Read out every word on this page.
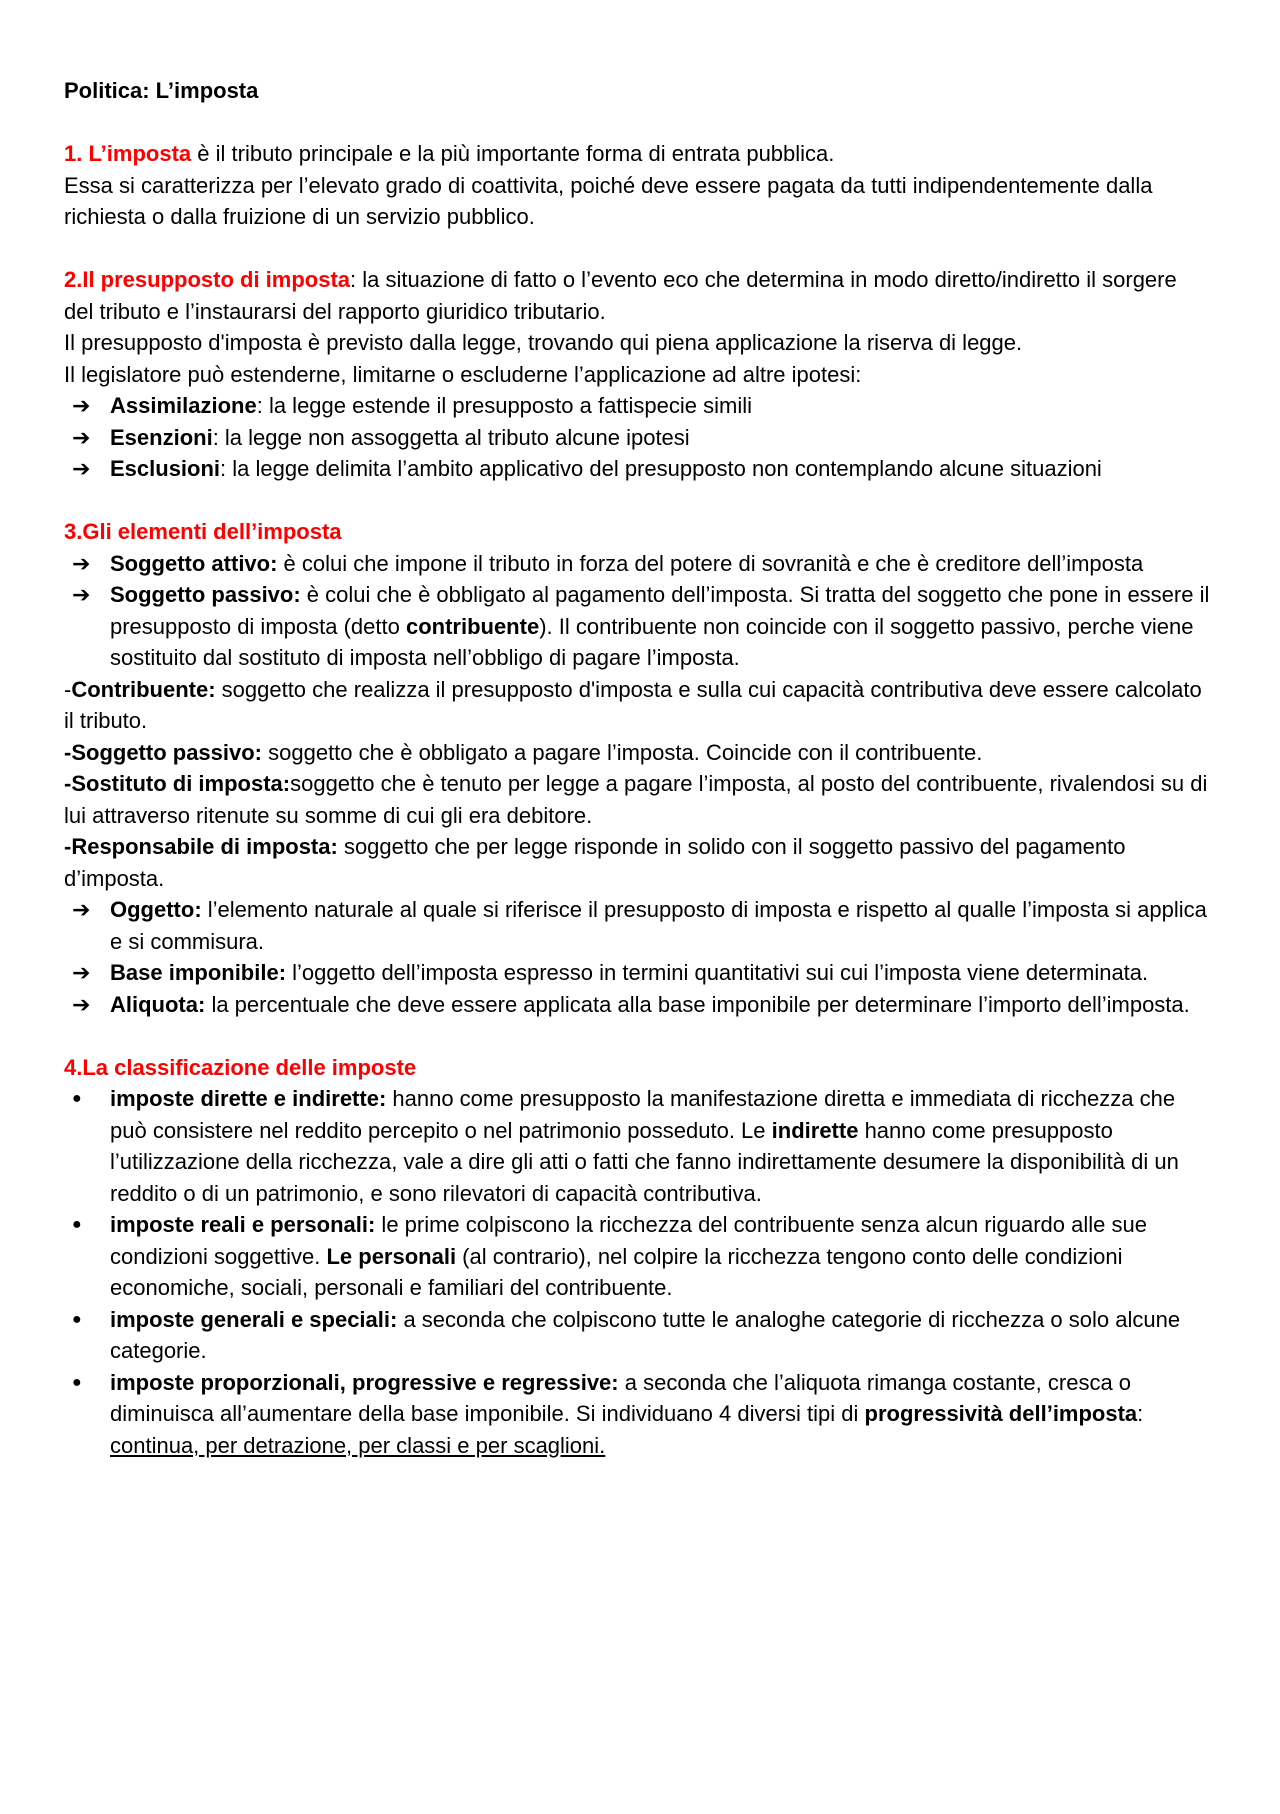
Politica: L’imposta
1. L’imposta è il tributo principale e la più importante forma di entrata pubblica.
Essa si caratterizza per l’elevato grado di coattivita, poiché deve essere pagata da tutti indipendentemente dalla richiesta o dalla fruizione di un servizio pubblico.
2.Il presupposto di imposta: la situazione di fatto o l’evento eco che determina in modo diretto/indiretto il sorgere del tributo e l’instaurarsi del rapporto giuridico tributario.
Il presupposto d'imposta è previsto dalla legge, trovando qui piena applicazione la riserva di legge.
Il legislatore può estenderne, limitarne o escluderne l’applicazione ad altre ipotesi:
➔ Assimilazione: la legge estende il presupposto a fattispecie simili
➔ Esenzioni: la legge non assoggetta al tributo alcune ipotesi
➔ Esclusioni: la legge delimita l’ambito applicativo del presupposto non contemplando alcune situazioni
3.Gli elementi dell’imposta
➔ Soggetto attivo: è colui che impone il tributo in forza del potere di sovranità e che è creditore dell’imposta
➔ Soggetto passivo: è colui che è obbligato al pagamento dell’imposta. Si tratta del soggetto che pone in essere il presupposto di imposta (detto contribuente). Il contribuente non coincide con il soggetto passivo, perche viene sostituito dal sostituto di imposta nell’obbligo di pagare l’imposta.
-Contribuente: soggetto che realizza il presupposto d'imposta e sulla cui capacità contributiva deve essere calcolato il tributo.
-Soggetto passivo: soggetto che è obbligato a pagare l’imposta. Coincide con il contribuente.
-Sostituto di imposta:soggetto che è tenuto per legge a pagare l’imposta, al posto del contribuente, rivalendosi su di lui attraverso ritenute su somme di cui gli era debitore.
-Responsabile di imposta: soggetto che per legge risponde in solido con il soggetto passivo del pagamento d’imposta.
➔ Oggetto: l’elemento naturale al quale si riferisce il presupposto di imposta e rispetto al qualle l’imposta si applica e si commisura.
➔ Base imponibile: l’oggetto dell’imposta espresso in termini quantitativi sui cui l’imposta viene determinata.
➔ Aliquota: la percentuale che deve essere applicata alla base imponibile per determinare l’importo dell’imposta.
4.La classificazione delle imposte
●	imposte dirette e indirette: hanno come presupposto la manifestazione diretta e immediata di ricchezza che può consistere nel reddito percepito o nel patrimonio posseduto. Le indirette hanno come presupposto l’utilizzazione della ricchezza, vale a dire gli atti o fatti che fanno indirettamente desumere la disponibilità di un reddito o di un patrimonio, e sono rilevatori di capacità contributiva.
●	imposte reali e personali: le prime colpiscono la ricchezza del contribuente senza alcun riguardo alle sue condizioni soggettive. Le personali (al contrario), nel colpire la ricchezza tengono conto delle condizioni economiche, sociali, personali e familiari del contribuente.
●	imposte generali e speciali: a seconda che colpiscono tutte le analoghe categorie di ricchezza o solo alcune categorie.
●	imposte proporzionali, progressive e regressive: a seconda che l’aliquota rimanga costante, cresca o diminuisca all’aumentare della base imponibile. Si individuano 4 diversi tipi di progressività dell’imposta: continua, per detrazione, per classi e per scaglioni.
